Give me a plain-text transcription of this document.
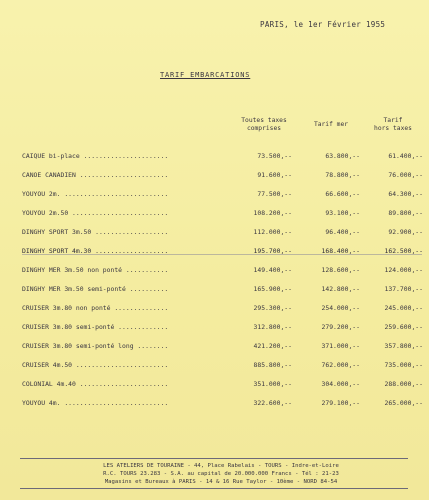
PARIS, le 1er Février 1955
TARIF EMBARCATIONS
Toutes taxes
comprises	Tarif mer
Tarif
hors taxes
CAIQUE bi-place ......................	73.500,--	63.800,--	61.400,--
CANOE CANADIEN .......................	91.600,--	78.800,--	76.000,--
YOUYOU 2m. ...........................	77.500,--	66.600,--	64.300,--
YOUYOU 2m.50 .........................	108.200,--	93.100,--	89.800,--
DINGHY SPORT 3m.50 ...................	112.000,--	96.400,--	92.900,--
DINGHY SPORT 4m.30 ...................	195.700,--	168.400,--	162.500,--
DINGHY MER 3m.50 non ponté ...........	149.400,--	128.600,--	124.000,--
DINGHY MER 3m.50 semi-ponté ..........	165.900,--	142.800,--	137.700,--
CRUISER 3m.80 non ponté ..............	295.300,--	254.000,--	245.000,--
CRUISER 3m.80 semi-ponté .............	312.800,--	279.200,--	259.600,--
CRUISER 3m.80 semi-ponté long ........	421.200,--	371.000,--	357.800,--
CRUISER 4m.50 ........................	885.800,--	762.000,--	735.000,--
COLONIAL 4m.40 .......................	351.000,--	304.000,--	288.000,--
YOUYOU 4m. ...........................	322.600,--	279.100,--	265.000,--
LES ATELIERS DE TOURAINE - 44, Place Rabelais - TOURS - Indre-et-Loire
R.C. TOURS 23.283 - S.A. au capital de 20.000.000 Francs - Tél : 21-23
Magasins et Bureaux à PARIS - 14 & 16 Rue Taylor - 10ème - NORD 84-54
